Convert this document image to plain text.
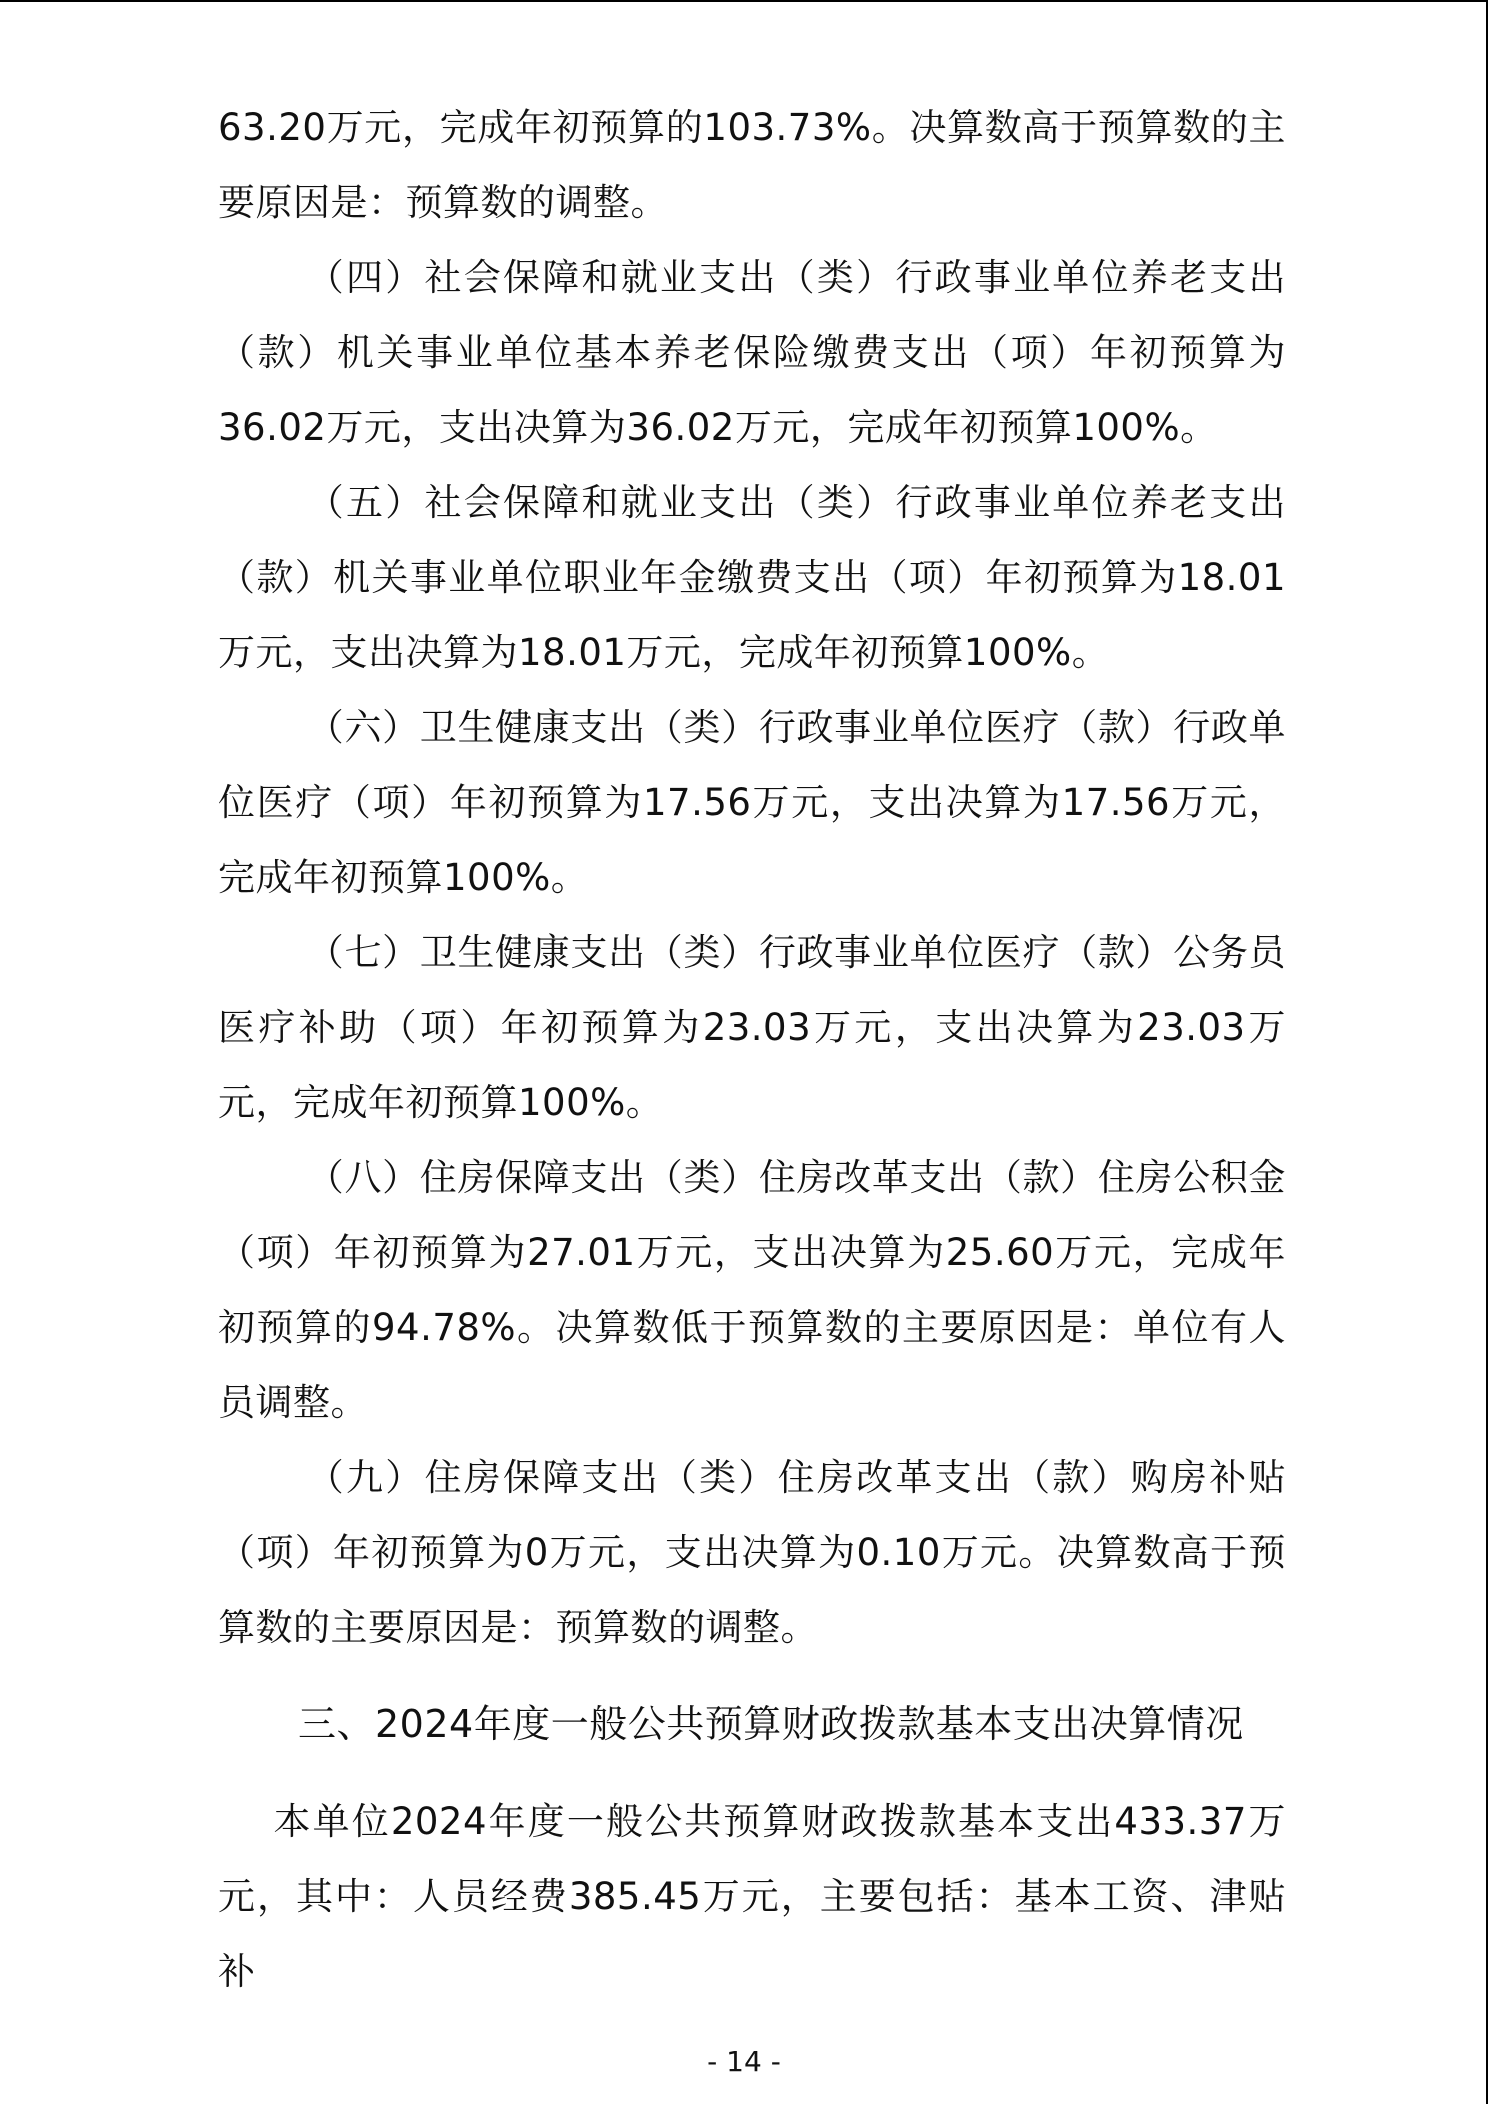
63.20万元，完成年初预算的103.73%。决算数高于预算数的主要原因是：预算数的调整。

（四）社会保障和就业支出（类）行政事业单位养老支出（款）机关事业单位基本养老保险缴费支出（项）年初预算为36.02万元，支出决算为36.02万元，完成年初预算100%。

（五）社会保障和就业支出（类）行政事业单位养老支出（款）机关事业单位职业年金缴费支出（项）年初预算为18.01万元，支出决算为18.01万元，完成年初预算100%。

（六）卫生健康支出（类）行政事业单位医疗（款）行政单位医疗（项）年初预算为17.56万元，支出决算为17.56万元，完成年初预算100%。

（七）卫生健康支出（类）行政事业单位医疗（款）公务员医疗补助（项）年初预算为23.03万元，支出决算为23.03万元，完成年初预算100%。

（八）住房保障支出（类）住房改革支出（款）住房公积金（项）年初预算为27.01万元，支出决算为25.60万元，完成年初预算的94.78%。决算数低于预算数的主要原因是：单位有人员调整。

（九）住房保障支出（类）住房改革支出（款）购房补贴（项）年初预算为0万元，支出决算为0.10万元。决算数高于预算数的主要原因是：预算数的调整。

三、2024年度一般公共预算财政拨款基本支出决算情况

本单位2024年度一般公共预算财政拨款基本支出433.37万元，其中：人员经费385.45万元，主要包括：基本工资、津贴补

- 14 -
